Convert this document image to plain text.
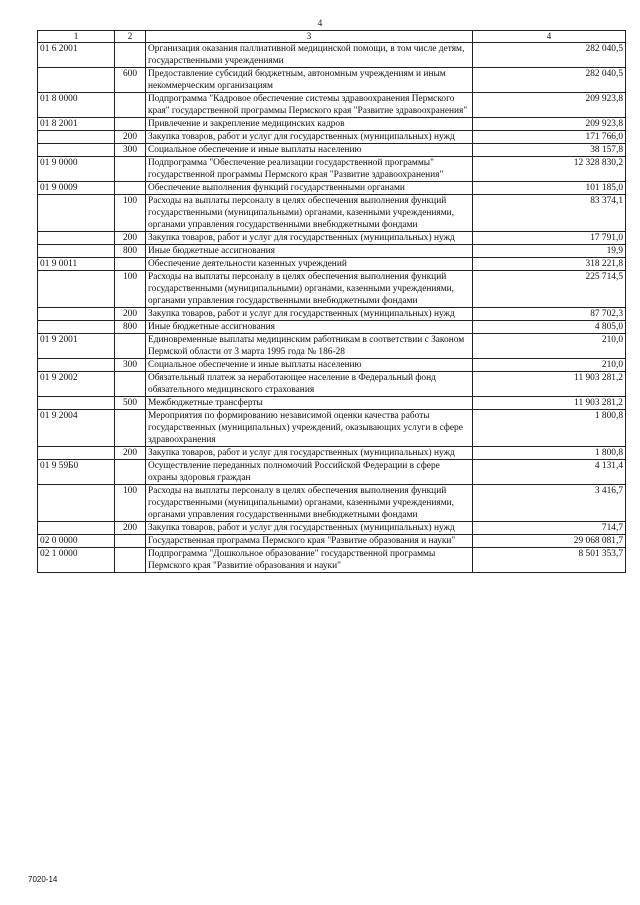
4
1	2	3	4
01 6 2001		Организация оказания паллиативной медицинской помощи, в том числе детям, государственными учреждениями	282 040,5
	600	Предоставление субсидий бюджетным, автономным учреждениям и иным некоммерческим организациям	282 040,5
01 8 0000		Подпрограмма "Кадровое обеспечение системы здравоохранения Пермского края" государственной программы Пермского края "Развитие здравоохранения"	209 923,8
01 8 2001		Привлечение и закрепление медицинских кадров	209 923,8
	200	Закупка товаров, работ и услуг для государственных (муниципальных) нужд	171 766,0
	300	Социальное обеспечение и иные выплаты населению	38 157,8
01 9 0000		Подпрограмма "Обеспечение реализации государственной программы" государственной программы Пермского края "Развитие здравоохранения"	12 328 830,2
01 9 0009		Обеспечение выполнения функций государственными органами	101 185,0
	100	Расходы на выплаты персоналу в целях обеспечения выполнения функций государственными (муниципальными) органами, казенными учреждениями, органами управления государственными внебюджетными фондами	83 374,1
	200	Закупка товаров, работ и услуг для государственных (муниципальных) нужд	17 791,0
	800	Иные бюджетные ассигнования	19,9
01 9 0011		Обеспечение деятельности казенных учреждений	318 221,8
	100	Расходы на выплаты персоналу в целях обеспечения выполнения функций государственными (муниципальными) органами, казенными учреждениями, органами управления государственными внебюджетными фондами	225 714,5
	200	Закупка товаров, работ и услуг для государственных (муниципальных) нужд	87 702,3
	800	Иные бюджетные ассигнования	4 805,0
01 9 2001		Единовременные выплаты медицинским работникам в соответствии с Законом Пермской области от 3 марта 1995 года № 186-28	210,0
	300	Социальное обеспечение и иные выплаты населению	210,0
01 9 2002		Обязательный платеж за неработающее население в Федеральный фонд обязательного медицинского страхования	11 903 281,2
	500	Межбюджетные трансферты	11 903 281,2
01 9 2004		Мероприятия по формированию независимой оценки качества работы государственных (муниципальных) учреждений, оказывающих услуги в сфере здравоохранения	1 800,8
	200	Закупка товаров, работ и услуг для государственных (муниципальных) нужд	1 800,8
01 9 59Б0		Осуществление переданных полномочий Российской Федерации в сфере охраны здоровья граждан	4 131,4
	100	Расходы на выплаты персоналу в целях обеспечения выполнения функций государственными (муниципальными) органами, казенными учреждениями, органами управления государственными внебюджетными фондами	3 416,7
	200	Закупка товаров, работ и услуг для государственных (муниципальных) нужд	714,7
02 0 0000		Государственная программа Пермского края "Развитие образования и науки"	29 068 081,7
02 1 0000		Подпрограмма "Дошкольное образование" государственной программы Пермского края "Развитие образования и науки"	8 501 353,7
7020-14
